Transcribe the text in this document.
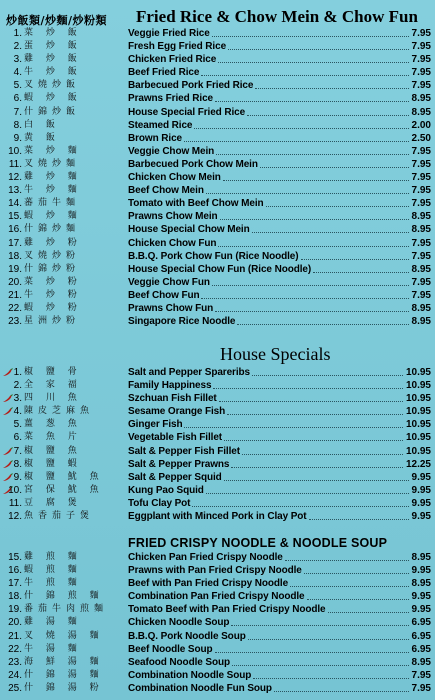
炒飯類/炒麵/炒粉類 Fried Rice & Chow Mein & Chow Fun
1. 菜 炒 飯	Veggie Fried Rice	7.95
2. 蛋 炒 飯	Fresh Egg Fried Rice	7.95
3. 雞 炒 飯	Chicken Fried Rice	7.95
4. 牛 炒 飯	Beef Fried Rice	7.95
5. 叉燒炒飯	Barbecued Pork Fried Rice	7.95
6. 蝦 炒 飯	Prawns Fried Rice	8.95
7. 什錦炒飯	House Special Fried Rice	8.95
8. 白 飯	Steamed Rice	2.00
9. 黄 飯	Brown Rice	2.50
10. 菜 炒 麵	Veggie Chow Mein	7.95
11. 叉燒炒麵	Barbecued Pork Chow Mein	7.95
12. 雞 炒 麵	Chicken Chow Mein	7.95
13. 牛 炒 麵	Beef Chow Mein	7.95
14. 蕃茄牛麵	Tomato with Beef Chow Mein	7.95
15. 蝦 炒 麵	Prawns Chow Mein	8.95
16. 什錦炒麵	House Special Chow Mein	8.95
17. 雞 炒 粉	Chicken Chow Fun	7.95
18. 叉燒炒粉	B.B.Q. Pork Chow Fun (Rice Noodle)	7.95
19. 什錦炒粉	House Special Chow Fun (Rice Noodle)	8.95
20. 菜 炒 粉	Veggie Chow Fun	7.95
21. 牛 炒 粉	Beef Chow Fun	7.95
22. 蝦 炒 粉	Prawns Chow Fun	8.95
23. 星洲炒粉	Singapore Rice Noodle	8.95
House Specials
1. 椒 鹽 骨	Salt and Pepper Spareribs	10.95
2. 全 家 福	Family Happiness	10.95
3. 四 川 魚	Szchuan Fish Fillet	10.95
4. 陳皮芝麻魚	Sesame Orange Fish	10.95
5. 薑 葱 魚	Ginger Fish	10.95
6. 菜 魚 片	Vegetable Fish Fillet	10.95
7. 椒 鹽 魚	Salt & Pepper Fish Fillet	10.95
8. 椒 鹽 蝦	Salt & Pepper Prawns	12.25
9. 椒 鹽 魷 魚	Salt & Pepper Squid	9.95
10. 宮 保 魷 魚	Kung Pao Squid	9.95
11. 豆 腐 煲	Tofu Clay Pot	9.95
12. 魚香茄子煲	Eggplant with Minced Pork in Clay Pot	9.95
FRIED CRISPY NOODLE & NOODLE SOUP
15. 雞 煎 麵	Chicken Pan Fried Crispy Noodle	8.95
16. 蝦 煎 麵	Prawns with Pan Fried Crispy Noodle	9.95
17. 牛 煎 麵	Beef with Pan Fried Crispy Noodle	8.95
18. 什 錦 煎 麵	Combination Pan Fried Crispy Noodle	9.95
19. 番茄牛肉煎麵	Tomato Beef with Pan Fried Crispy Noodle	9.95
20. 雞 湯 麵	Chicken Noodle Soup	6.95
21. 叉 燒 湯 麵	B.B.Q. Pork Noodle Soup	6.95
22. 牛 湯 麵	Beef Noodle Soup	6.95
23. 海 鮮 湯 麵	Seafood Noodle Soup	8.95
24. 什 錦 湯 麵	Combination Noodle Soup	7.95
25. 什 錦 湯 粉	Combination Noodle Fun Soup	7.95
